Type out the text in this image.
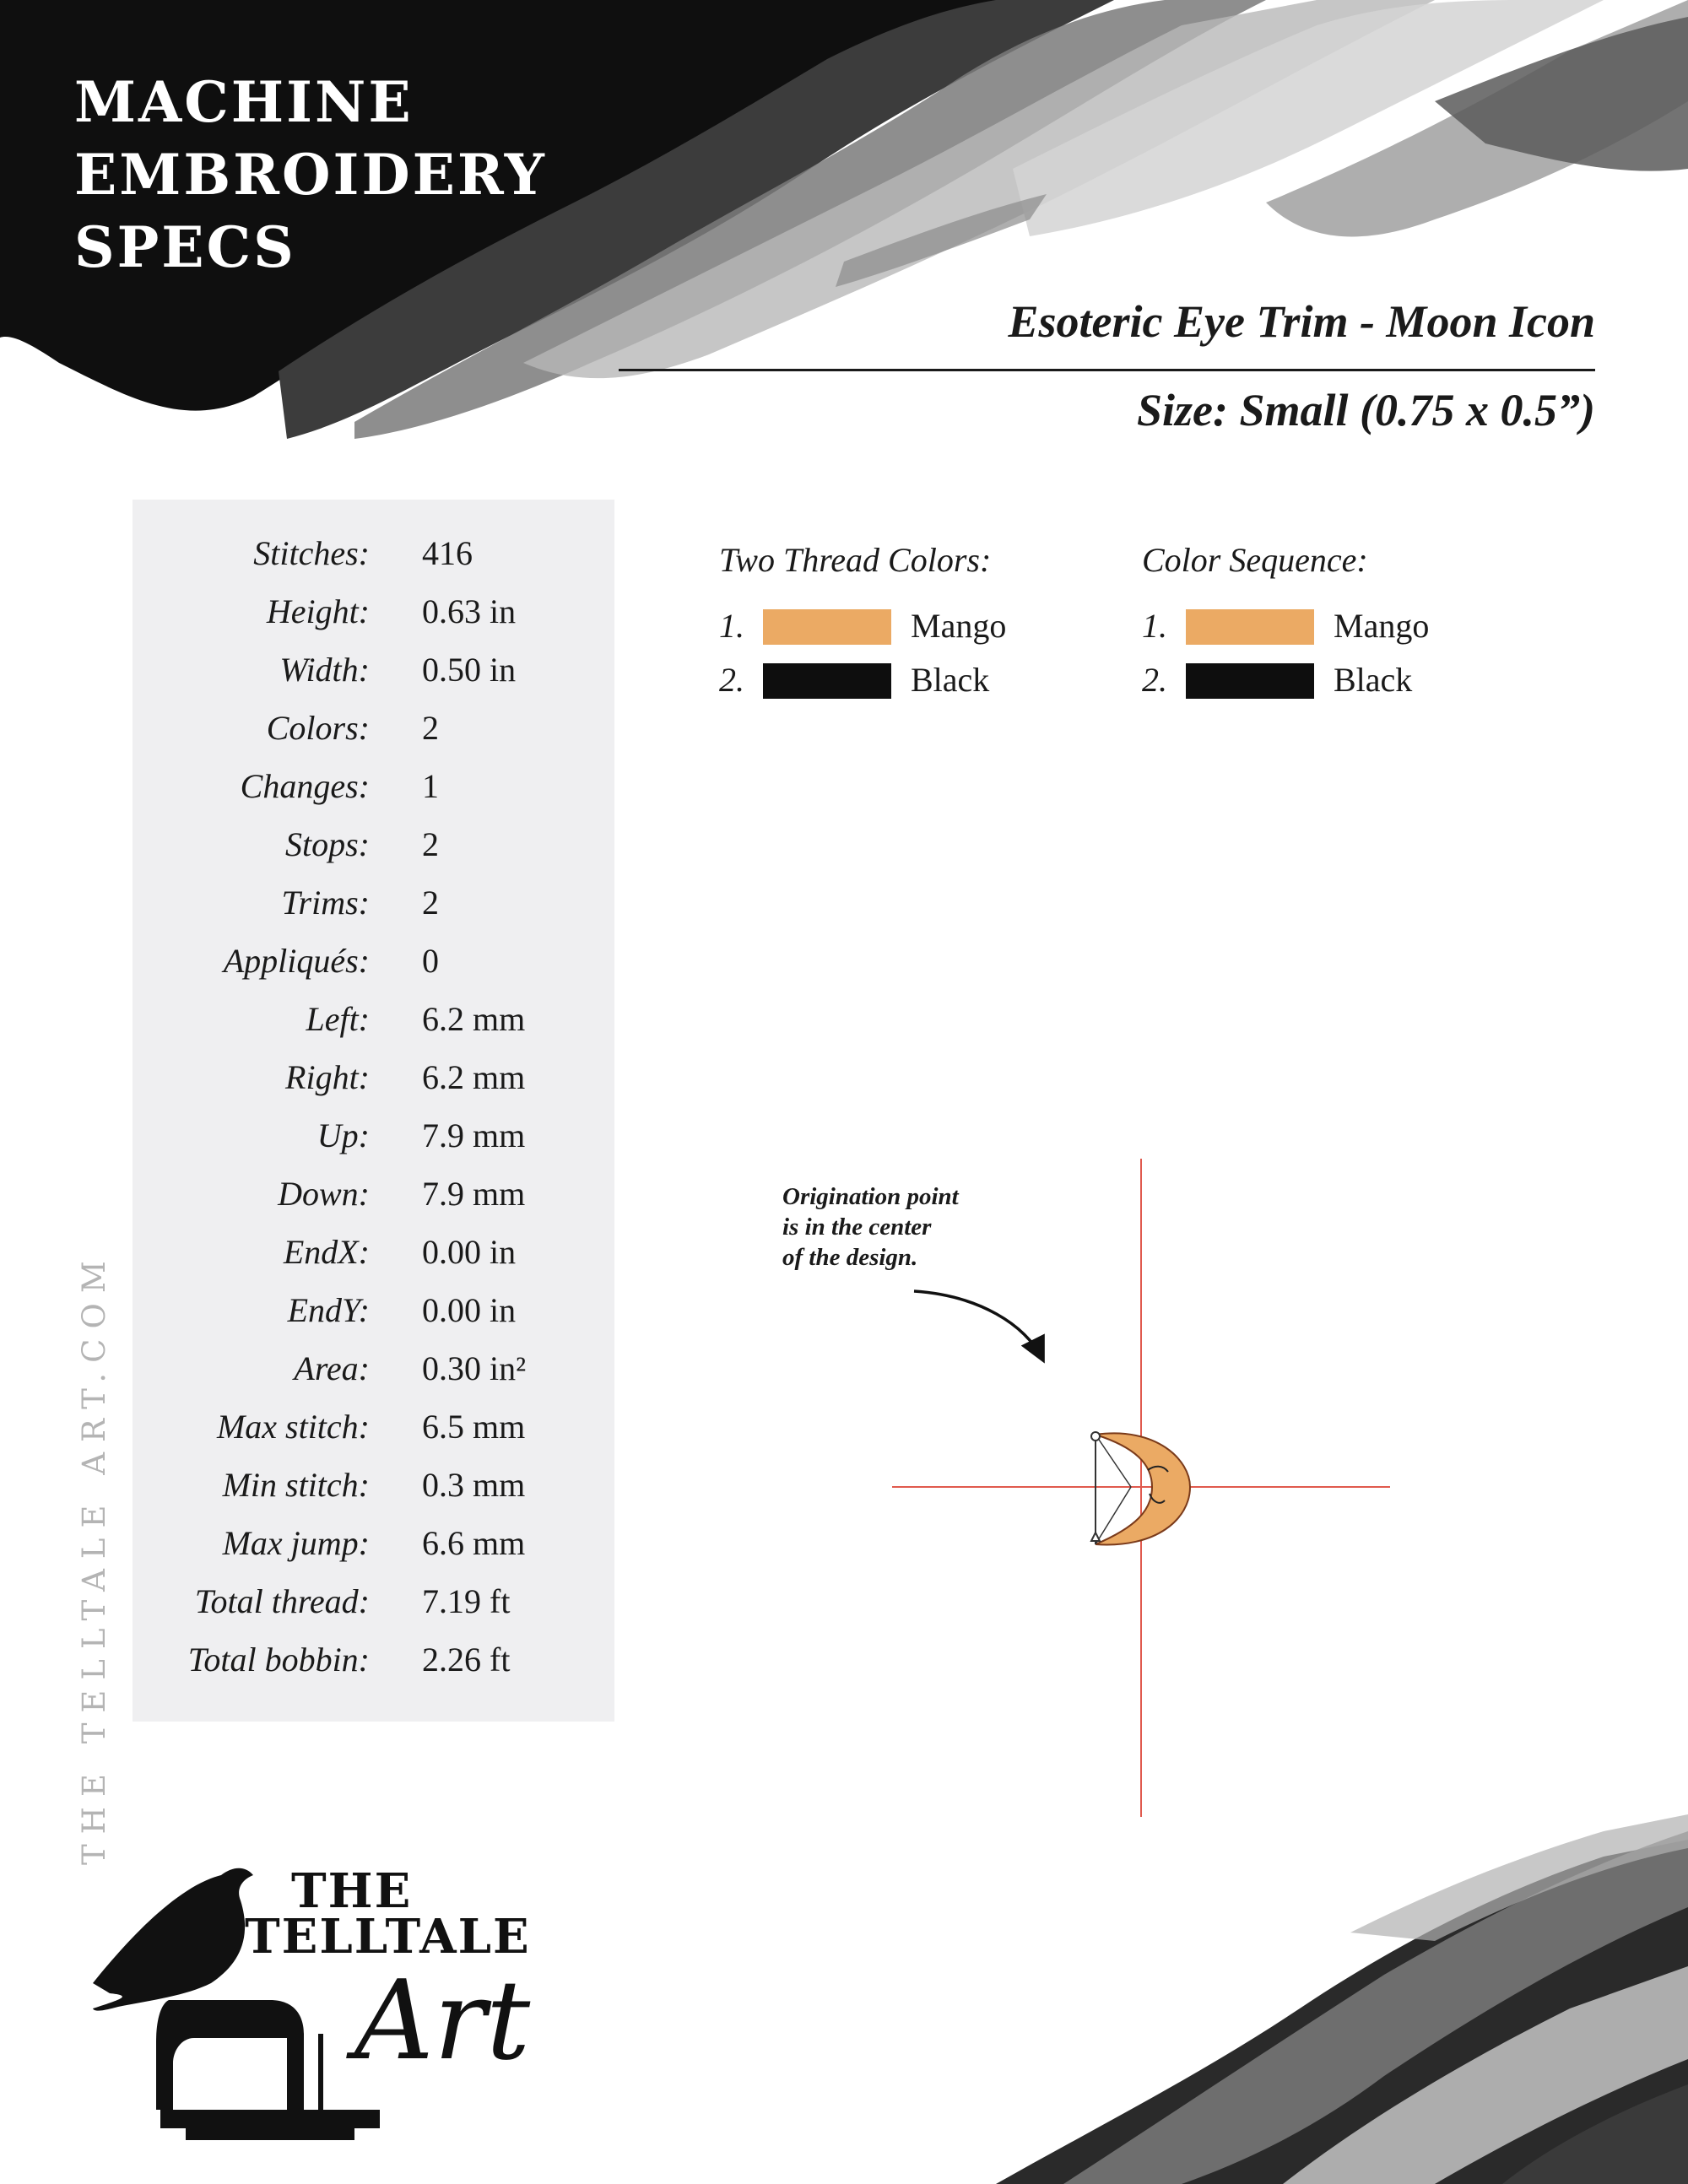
MACHINE
EMBROIDERY
SPECS
Esoteric Eye Trim - Moon Icon
Size: Small (0.75 x 0.5”)
Stitches: 416
Height: 0.63 in
Width: 0.50 in
Colors: 2
Changes: 1
Stops: 2
Trims: 2
Appliqués: 0
Left: 6.2 mm
Right: 6.2 mm
Up: 7.9 mm
Down: 7.9 mm
EndX: 0.00 in
EndY: 0.00 in
Area: 0.30 in²
Max stitch: 6.5 mm
Min stitch: 0.3 mm
Max jump: 6.6 mm
Total thread: 7.19 ft
Total bobbin: 2.26 ft
Two Thread Colors:
1.	Mango
2.	Black
Color Sequence:
1.	Mango
2.	Black
Origination point
is in the center
of the design.
THE TELLTALE ART.COM
THE
TELLTALE
Art
